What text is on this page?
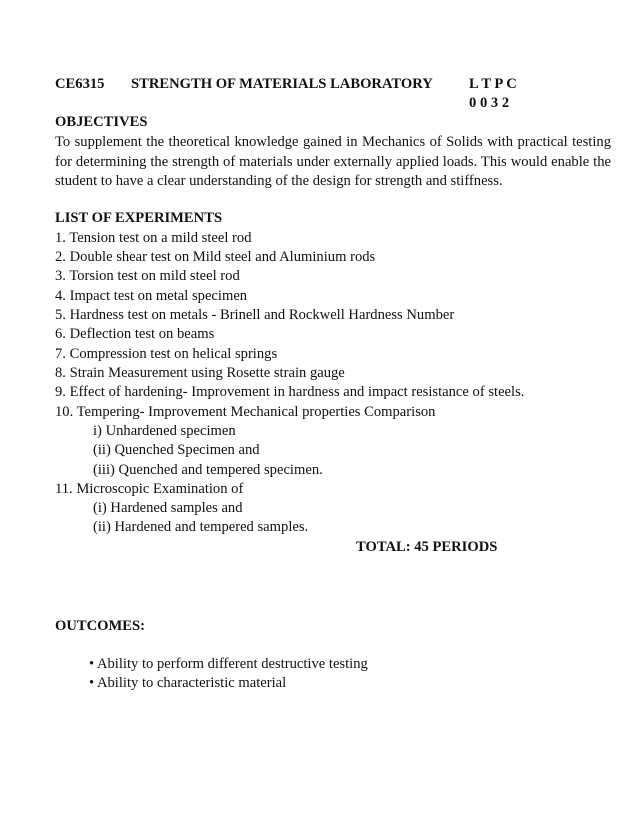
CE6315 STRENGTH OF MATERIALS LABORATORY L T P C
0 0 3 2
OBJECTIVES
To supplement the theoretical knowledge gained in Mechanics of Solids with practical testing for determining the strength of materials under externally applied loads. This would enable the student to have a clear understanding of the design for strength and stiffness.
LIST OF EXPERIMENTS
1. Tension test on a mild steel rod
2. Double shear test on Mild steel and Aluminium rods
3. Torsion test on mild steel rod
4. Impact test on metal specimen
5. Hardness test on metals - Brinell and Rockwell Hardness Number
6. Deflection test on beams
7. Compression test on helical springs
8. Strain Measurement using Rosette strain gauge
9. Effect of hardening- Improvement in hardness and impact resistance of steels.
10. Tempering- Improvement Mechanical properties Comparison
i) Unhardened specimen
(ii) Quenched Specimen and
(iii) Quenched and tempered specimen.
11. Microscopic Examination of
(i) Hardened samples and
(ii) Hardened and tempered samples.
TOTAL: 45 PERIODS
OUTCOMES:
• Ability to perform different destructive testing
• Ability to characteristic material
